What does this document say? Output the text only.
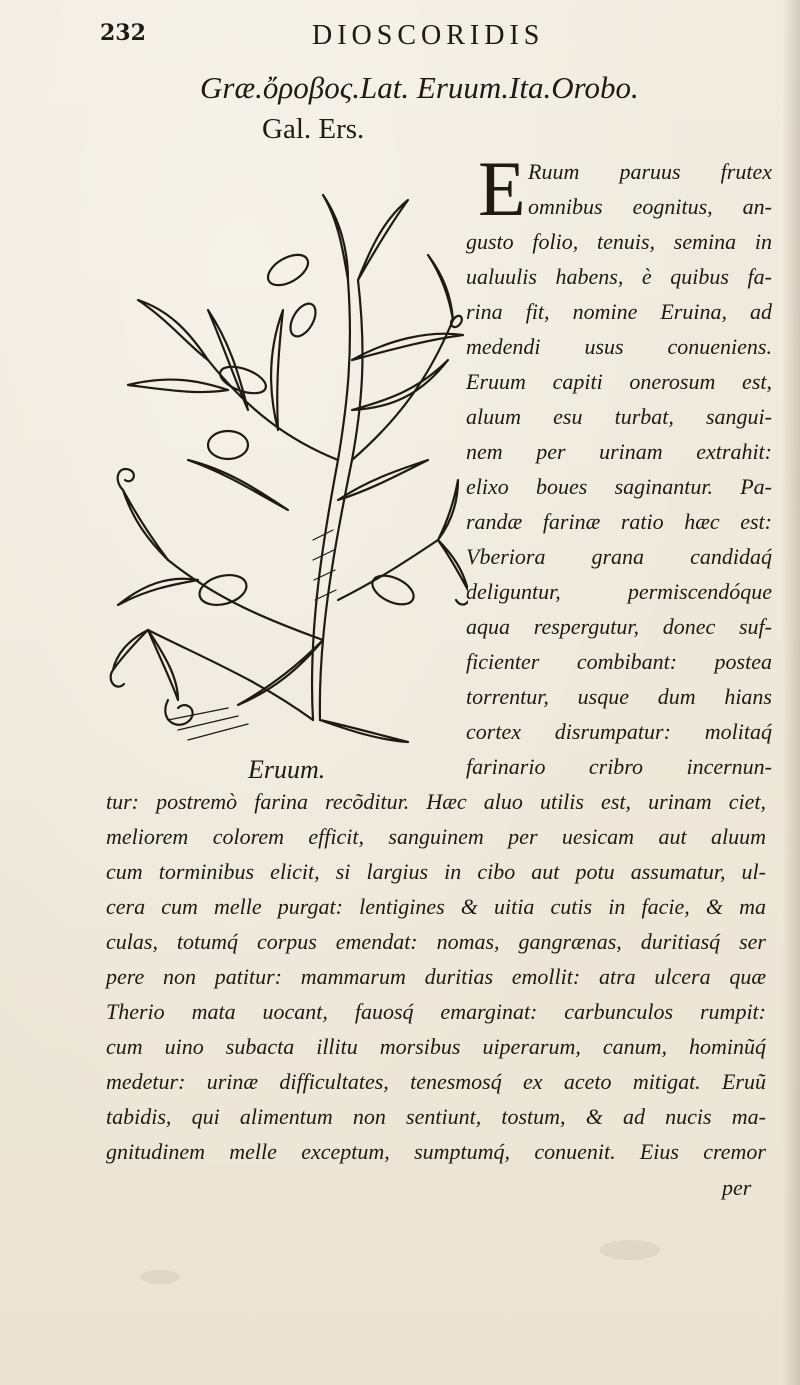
232	DIOSCORIDIS
Græ.ὄροβος.Lat. Eruum.Ita.Orobo.
Gal. Ers.
Eruum.
E Ruum paruus frutex
omnibus eognitus, an-
gusto folio, tenuis, semina in
ualuulis habens, è quibus fa-
rina fit, nomine Eruina, ad
medendi usus conueniens.
Eruum capiti onerosum est,
aluum esu turbat, sangui-
nem per urinam extrahit:
elixo boues saginantur. Pa-
randæ farinæ ratio hæc est:
Vberiora grana candidaq́
deliguntur, permiscendóque
aqua respergutur, donec suf-
ficienter combibant: postea
torrentur, usque dum hians
cortex disrumpatur: molitaq́
farinario cribro incernun-
tur: postremò farina recõditur. Hæc aluo utilis est, urinam ciet,
meliorem colorem efficit, sanguinem per uesicam aut aluum
cum torminibus elicit, si largius in cibo aut potu assumatur, ul-
cera cum melle purgat: lentigines & uitia cutis in facie, & ma
culas, totumq́ corpus emendat: nomas, gangrænas, duritiasq́ ser
pere non patitur: mammarum duritias emollit: atra ulcera quæ
Therio mata uocant, fauosq́ emarginat: carbunculos rumpit:
cum uino subacta illitu morsibus uiperarum, canum, hominũq́
medetur: urinæ difficultates, tenesmosq́ ex aceto mitigat. Eruũ
tabidis, qui alimentum non sentiunt, tostum, & ad nucis ma-
gnitudinem melle exceptum, sumptumq́, conuenit. Eius cremor
per
